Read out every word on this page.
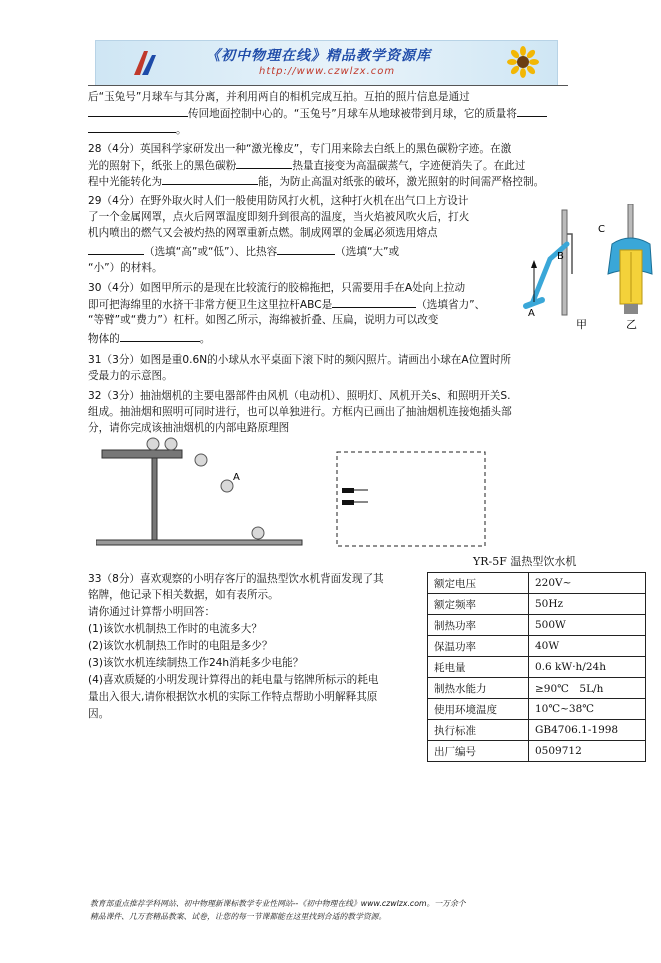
《初中物理在线》精品教学资源库
http://www.czwlzx.com
后“玉兔号”月球车与其分离，并利用两自的相机完成互拍。互拍的照片信息是通过
传回地面控制中心的。“玉兔号”月球车从地球被带到月球，它的质量将
。
28（4分）英国科学家研发出一种“激光橡皮”，专门用来除去白纸上的黑色碳粉字迹。在激
光的照射下，纸张上的黑色碳粉	热量直接变为高温碳蒸气，字迹便消失了。在此过
程中光能转化为	能，为防止高温对纸张的破坏，激光照射的时间需严格控制。
29（4分）在野外取火时人们一般使用防风打火机，这种打火机在出气口上方设计
了一个金属网罩，点火后网罩温度即刻升到很高的温度，当火焰被风吹火后，打火
机内喷出的燃气又会被灼热的网罩重新点燃。制成网罩的金属必须选用熔点
（选填“高”或“低”）、比热容	（选填“大”或
“小”）的材料。
30（4分）如图甲所示的是现在比较流行的胶棉拖把，只需要用手在A处向上拉动
即可把海绵里的水挤干非常方便卫生这里拉杆ABC是	（选填省力”、
“等臂”或“费力”）杠杆。如图乙所示，海绵被折叠、压扁，说明力可以改变
物体的	。
A
B
C
甲	乙
31（3分）如图是重0.6N的小球从水平桌面下滚下时的频闪照片。请画出小球在A位置时所
受最力的示意图。
32（3分）抽油烟机的主要电器部件由风机（电动机）、照明灯、风机开关s、和照明开关S.
组成。抽油烟和照明可同时进行，也可以单独进行。方框内已画出了抽油烟机连接炮插头部
分，请你完成该抽油烟机的内部电路原理图
A
33（8分）喜欢观察的小明存客厅的温热型饮水机背面发现了其
铭牌，他记录下相关数据，如有表所示。
请你通过计算帮小明回答：
(1)该饮水机制热工作时的电流多大？
(2)该饮水机制热工作时的电阻是多少？
(3)该饮水机连续制热工作24h消耗多少电能？
(4)喜欢质疑的小明发现计算得出的耗电量与铭牌所标示的耗电
量出入很大,请你根据饮水机的实际工作特点帮助小明解释其原
因。
YR-5F 温热型饮水机
额定电压	220V~
额定频率	50Hz
制热功率	500W
保温功率	40W
耗电量	0.6 kW·h/24h
制热水能力	≥90℃　5L/h
使用环境温度	10℃~38℃
执行标准	GB4706.1-1998
出厂编号	0509712
教育部重点推荐学科网站、初中物理新课标教学专业性网站--《初中物理在线》www.czwlzx.com。一万余个
精品课件、几万套精品教案、试卷，让您的每一节课都能在这里找到合适的教学资源。
